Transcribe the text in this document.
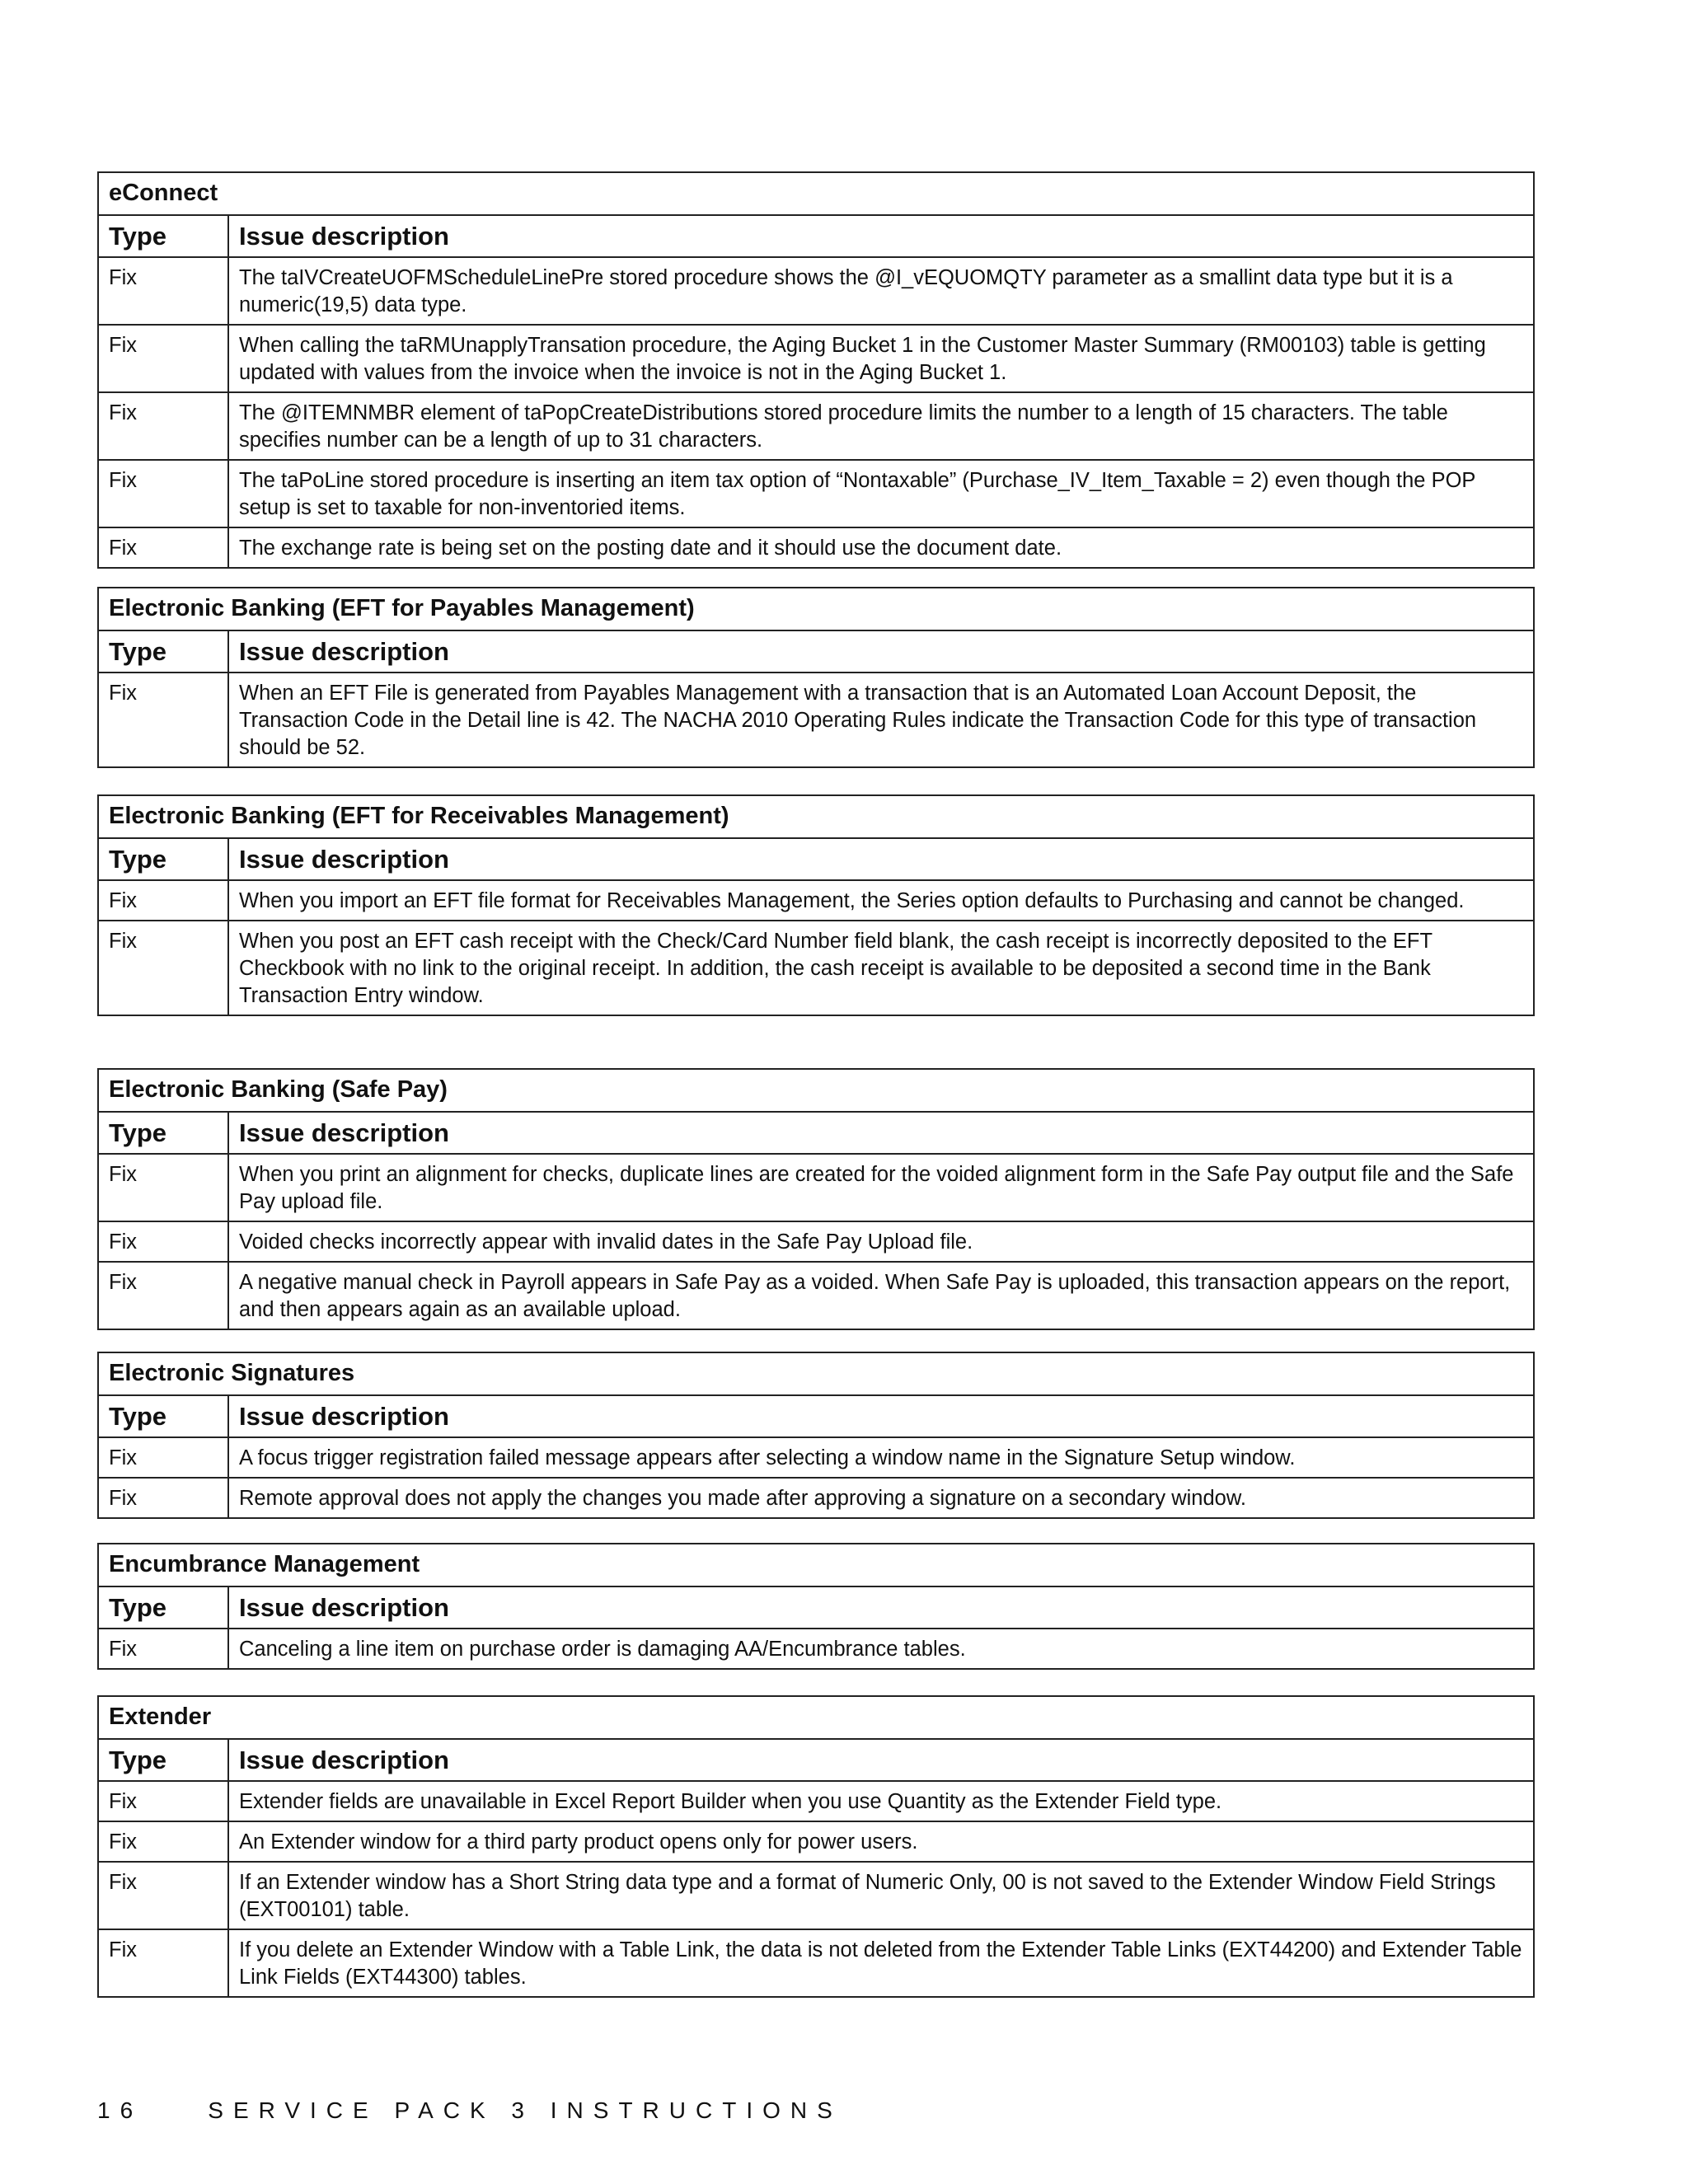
eConnect	
Type	Issue description
Fix	The taIVCreateUOFMScheduleLinePre stored procedure shows the @I_vEQUOMQTY parameter as a smallint data type but it is a numeric(19,5) data type.
Fix	When calling the taRMUnapplyTransation procedure, the Aging Bucket 1 in the Customer Master Summary (RM00103) table is getting updated with values from the invoice when the invoice is not in the Aging Bucket 1.
Fix	The @ITEMNMBR element of taPopCreateDistributions stored procedure limits the number to a length of 15 characters. The table specifies number can be a length of up to 31 characters.
Fix	The taPoLine stored procedure is inserting an item tax option of “Nontaxable” (Purchase_IV_Item_Taxable = 2) even though the POP setup is set to taxable for non-inventoried items.
Fix	The exchange rate is being set on the posting date and it should use the document date.
Electronic Banking (EFT for Payables Management)	
Type	Issue description
Fix	When an EFT File is generated from Payables Management with a transaction that is an Automated Loan Account Deposit, the Transaction Code in the Detail line is 42. The NACHA 2010 Operating Rules indicate the Transaction Code for this type of transaction should be 52.
Electronic Banking (EFT for Receivables Management)	
Type	Issue description
Fix	When you import an EFT file format for Receivables Management, the Series option defaults to Purchasing and cannot be changed.
Fix	When you post an EFT cash receipt with the Check/Card Number field blank, the cash receipt is incorrectly deposited to the EFT Checkbook with no link to the original receipt. In addition, the cash receipt is available to be deposited a second time in the Bank Transaction Entry window.
Electronic Banking (Safe Pay)	
Type	Issue description
Fix	When you print an alignment for checks, duplicate lines are created for the voided alignment form in the Safe Pay output file and the Safe Pay upload file.
Fix	Voided checks incorrectly appear with invalid dates in the Safe Pay Upload file.
Fix	A negative manual check in Payroll appears in Safe Pay as a voided. When Safe Pay is uploaded, this transaction appears on the report, and then appears again as an available upload.
Electronic Signatures	
Type	Issue description
Fix	A focus trigger registration failed message appears after selecting a window name in the Signature Setup window.
Fix	Remote approval does not apply the changes you made after approving a signature on a secondary window.
Encumbrance Management	
Type	Issue description
Fix	Canceling a line item on purchase order is damaging AA/Encumbrance tables.
Extender	
Type	Issue description
Fix	Extender fields are unavailable in Excel Report Builder when you use Quantity as the Extender Field type.
Fix	An Extender window for a third party product opens only for power users.
Fix	If an Extender window has a Short String data type and a format of Numeric Only, 00 is not saved to the Extender Window Field Strings (EXT00101) table.
Fix	If you delete an Extender Window with a Table Link, the data is not deleted from the Extender Table Links (EXT44200) and Extender Table Link Fields (EXT44300) tables.
16	SERVICE PACK 3 INSTRUCTIONS
